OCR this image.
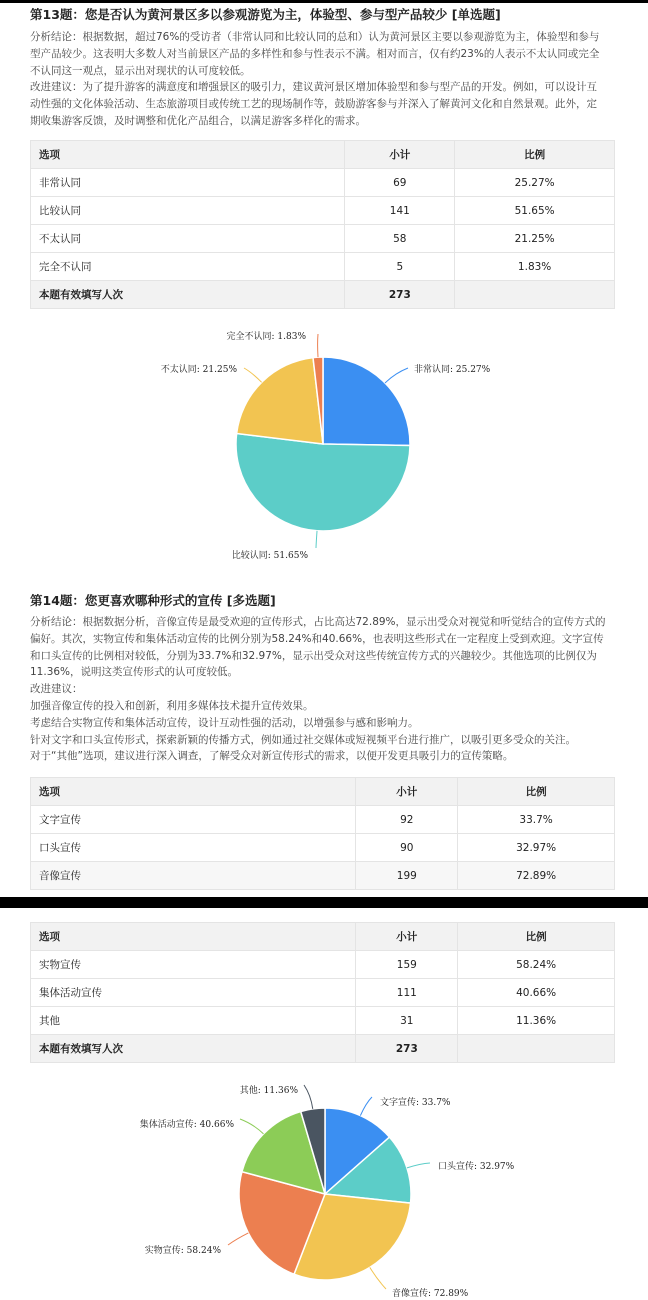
第13题：您是否认为黄河景区多以参观游览为主，体验型、参与型产品较少 [单选题]
分析结论：根据数据，超过76%的受访者（非常认同和比较认同的总和）认为黄河景区主要以参观游览为主，体验型和参与
型产品较少。这表明大多数人对当前景区产品的多样性和参与性表示不满。相对而言，仅有约23%的人表示不太认同或完全
不认同这一观点，显示出对现状的认可度较低。
改进建议：为了提升游客的满意度和增强景区的吸引力，建议黄河景区增加体验型和参与型产品的开发。例如，可以设计互
动性强的文化体验活动、生态旅游项目或传统工艺的现场制作等，鼓励游客参与并深入了解黄河文化和自然景观。此外，定
期收集游客反馈，及时调整和优化产品组合，以满足游客多样化的需求。
选项	小计	比例
非常认同	69	25.27%
比较认同	141	51.65%
不太认同	58	21.25%
完全不认同	5	1.83%
本题有效填写人次	273	
非常认同: 25.27%
比较认同: 51.65%
不太认同: 21.25%
完全不认同: 1.83%
第14题：您更喜欢哪种形式的宣传 [多选题]
分析结论：根据数据分析，音像宣传是最受欢迎的宣传形式，占比高达72.89%，显示出受众对视觉和听觉结合的宣传方式的
偏好。其次，实物宣传和集体活动宣传的比例分别为58.24%和40.66%，也表明这些形式在一定程度上受到欢迎。文字宣传
和口头宣传的比例相对较低，分别为33.7%和32.97%，显示出受众对这些传统宣传方式的兴趣较少。其他选项的比例仅为
11.36%，说明这类宣传形式的认可度较低。
改进建议：
加强音像宣传的投入和创新，利用多媒体技术提升宣传效果。
考虑结合实物宣传和集体活动宣传，设计互动性强的活动，以增强参与感和影响力。
针对文字和口头宣传形式，探索新颖的传播方式，例如通过社交媒体或短视频平台进行推广，以吸引更多受众的关注。
对于“其他”选项，建议进行深入调查，了解受众对新宣传形式的需求，以便开发更具吸引力的宣传策略。
选项	小计	比例
文字宣传	92	33.7%
口头宣传	90	32.97%
音像宣传	199	72.89%
选项	小计	比例
实物宣传	159	58.24%
集体活动宣传	111	40.66%
其他	31	11.36%
本题有效填写人次	273	
文字宣传: 33.7%
口头宣传: 32.97%
音像宣传: 72.89%
实物宣传: 58.24%
集体活动宣传: 40.66%
其他: 11.36%
